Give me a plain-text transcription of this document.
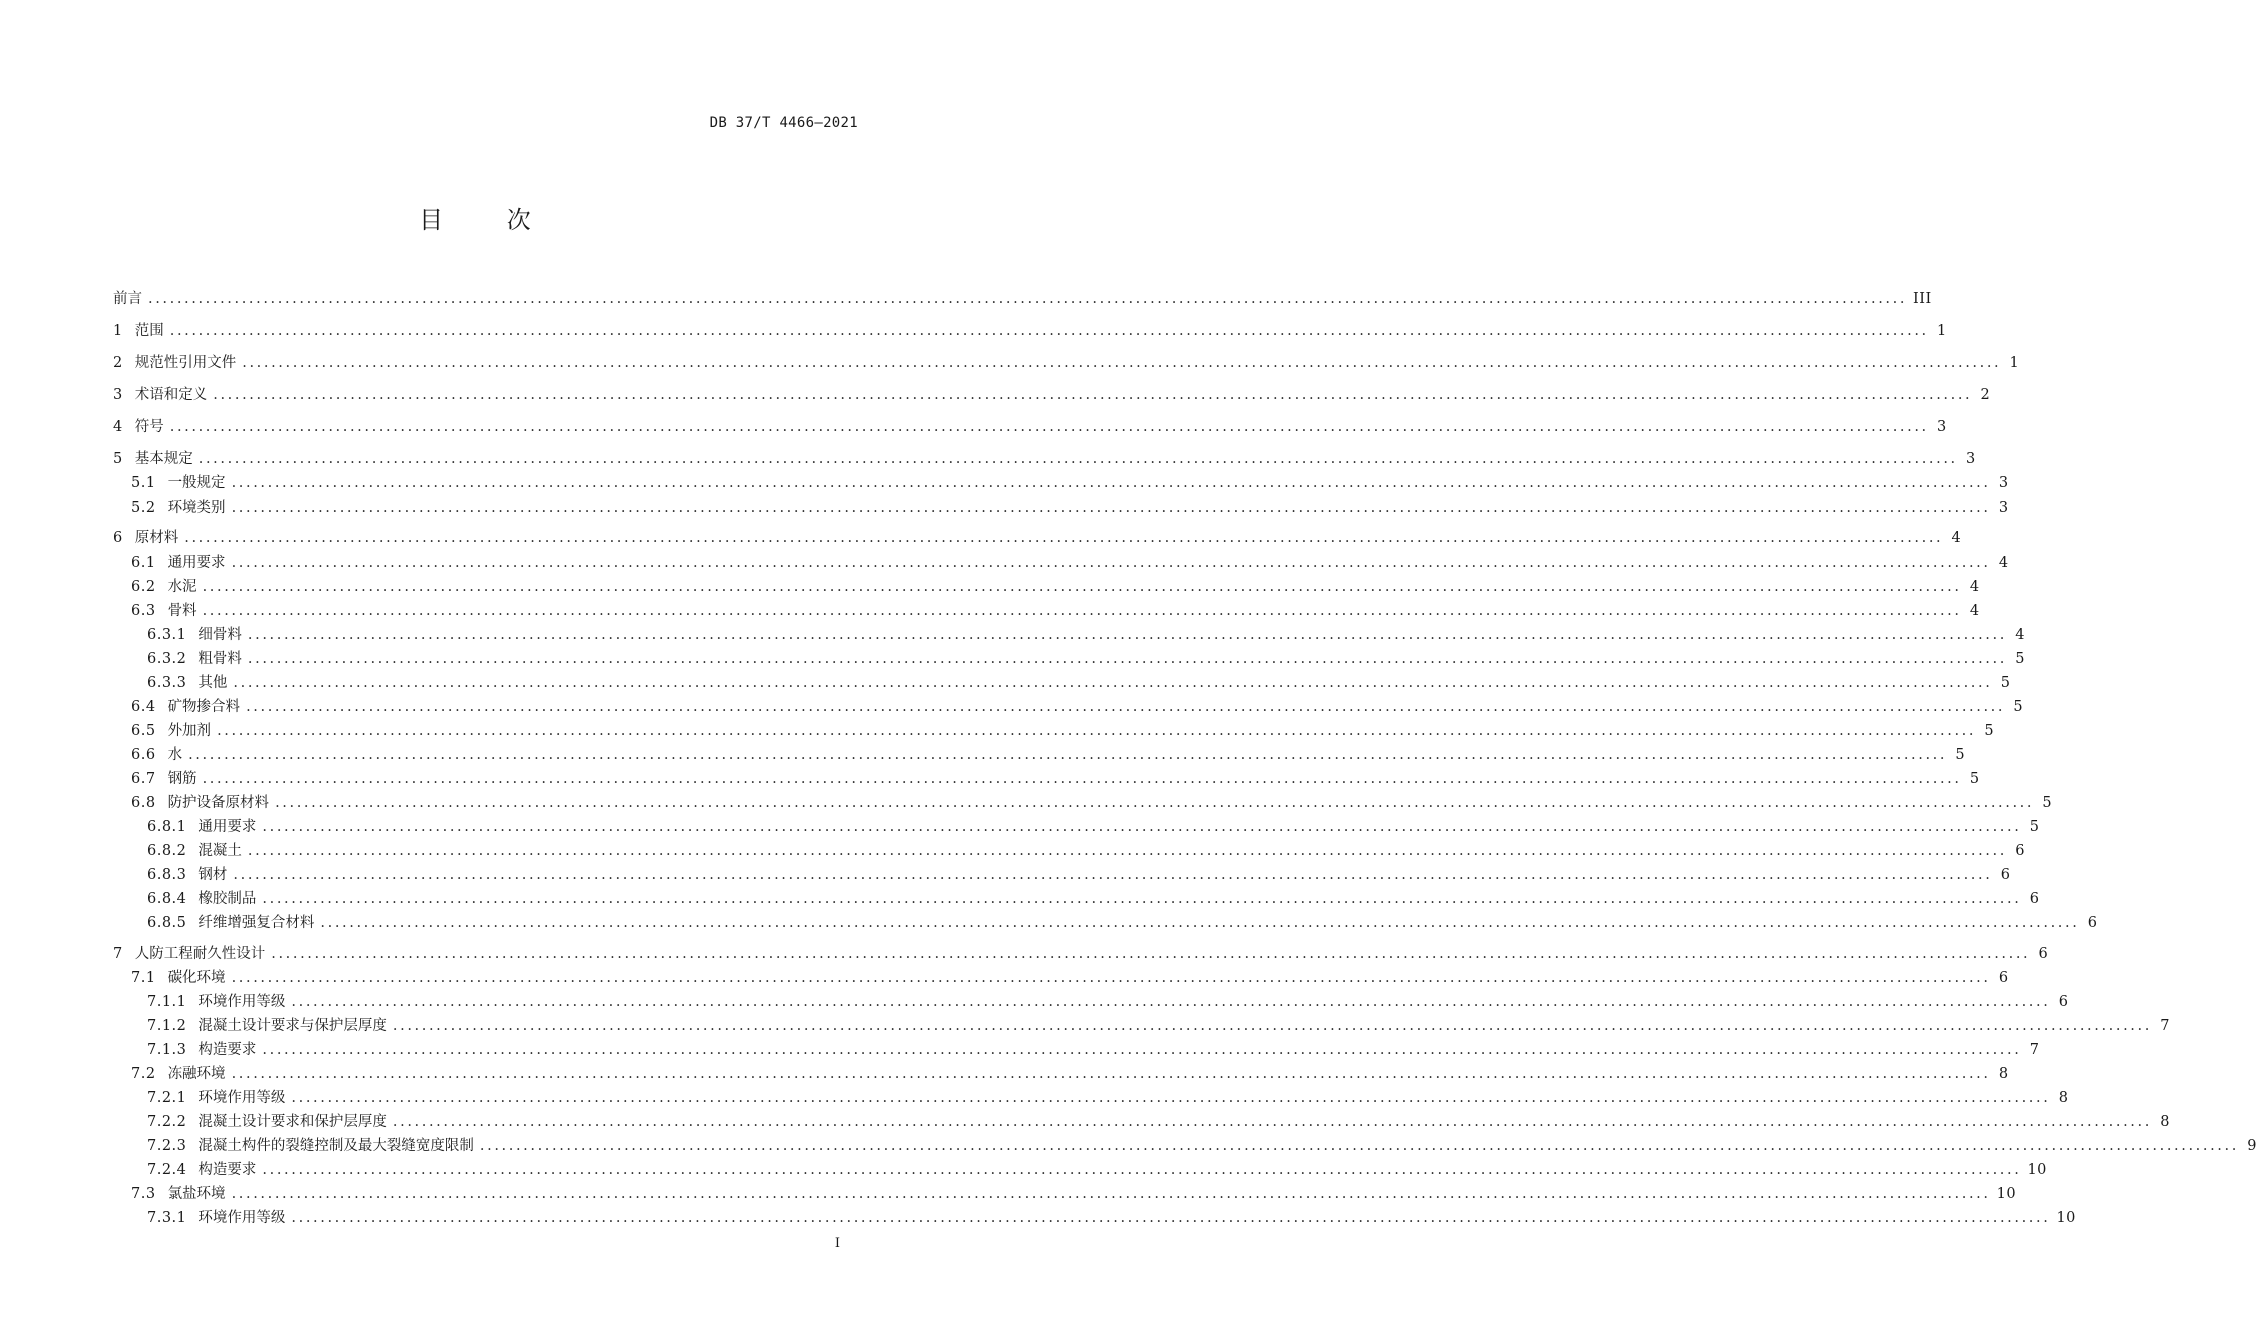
DB 37/T 4466—2021
目 次
前言 .................................................................................................................................................................................................................................................... III
1 范围 .................................................................................................................................................................................................................................................... 1
2 规范性引用文件 .................................................................................................................................................................................................................................................... 1
3 术语和定义 .................................................................................................................................................................................................................................................... 2
4 符号 .................................................................................................................................................................................................................................................... 3
5 基本规定 .................................................................................................................................................................................................................................................... 3
5.1 一般规定 .................................................................................................................................................................................................................................................... 3
5.2 环境类别 .................................................................................................................................................................................................................................................... 3
6 原材料 .................................................................................................................................................................................................................................................... 4
6.1 通用要求 .................................................................................................................................................................................................................................................... 4
6.2 水泥 .................................................................................................................................................................................................................................................... 4
6.3 骨料 .................................................................................................................................................................................................................................................... 4
6.3.1 细骨料 .................................................................................................................................................................................................................................................... 4
6.3.2 粗骨料 .................................................................................................................................................................................................................................................... 5
6.3.3 其他 .................................................................................................................................................................................................................................................... 5
6.4 矿物掺合料 .................................................................................................................................................................................................................................................... 5
6.5 外加剂 .................................................................................................................................................................................................................................................... 5
6.6 水 .................................................................................................................................................................................................................................................... 5
6.7 钢筋 .................................................................................................................................................................................................................................................... 5
6.8 防护设备原材料 .................................................................................................................................................................................................................................................... 5
6.8.1 通用要求 .................................................................................................................................................................................................................................................... 5
6.8.2 混凝土 .................................................................................................................................................................................................................................................... 6
6.8.3 钢材 .................................................................................................................................................................................................................................................... 6
6.8.4 橡胶制品 .................................................................................................................................................................................................................................................... 6
6.8.5 纤维增强复合材料 .................................................................................................................................................................................................................................................... 6
7 人防工程耐久性设计 .................................................................................................................................................................................................................................................... 6
7.1 碳化环境 .................................................................................................................................................................................................................................................... 6
7.1.1 环境作用等级 .................................................................................................................................................................................................................................................... 6
7.1.2 混凝土设计要求与保护层厚度 .................................................................................................................................................................................................................................................... 7
7.1.3 构造要求 .................................................................................................................................................................................................................................................... 7
7.2 冻融环境 .................................................................................................................................................................................................................................................... 8
7.2.1 环境作用等级 .................................................................................................................................................................................................................................................... 8
7.2.2 混凝土设计要求和保护层厚度 .................................................................................................................................................................................................................................................... 8
7.2.3 混凝土构件的裂缝控制及最大裂缝宽度限制 .................................................................................................................................................................................................................................................... 9
7.2.4 构造要求 .................................................................................................................................................................................................................................................... 10
7.3 氯盐环境 .................................................................................................................................................................................................................................................... 10
7.3.1 环境作用等级 .................................................................................................................................................................................................................................................... 10
I
